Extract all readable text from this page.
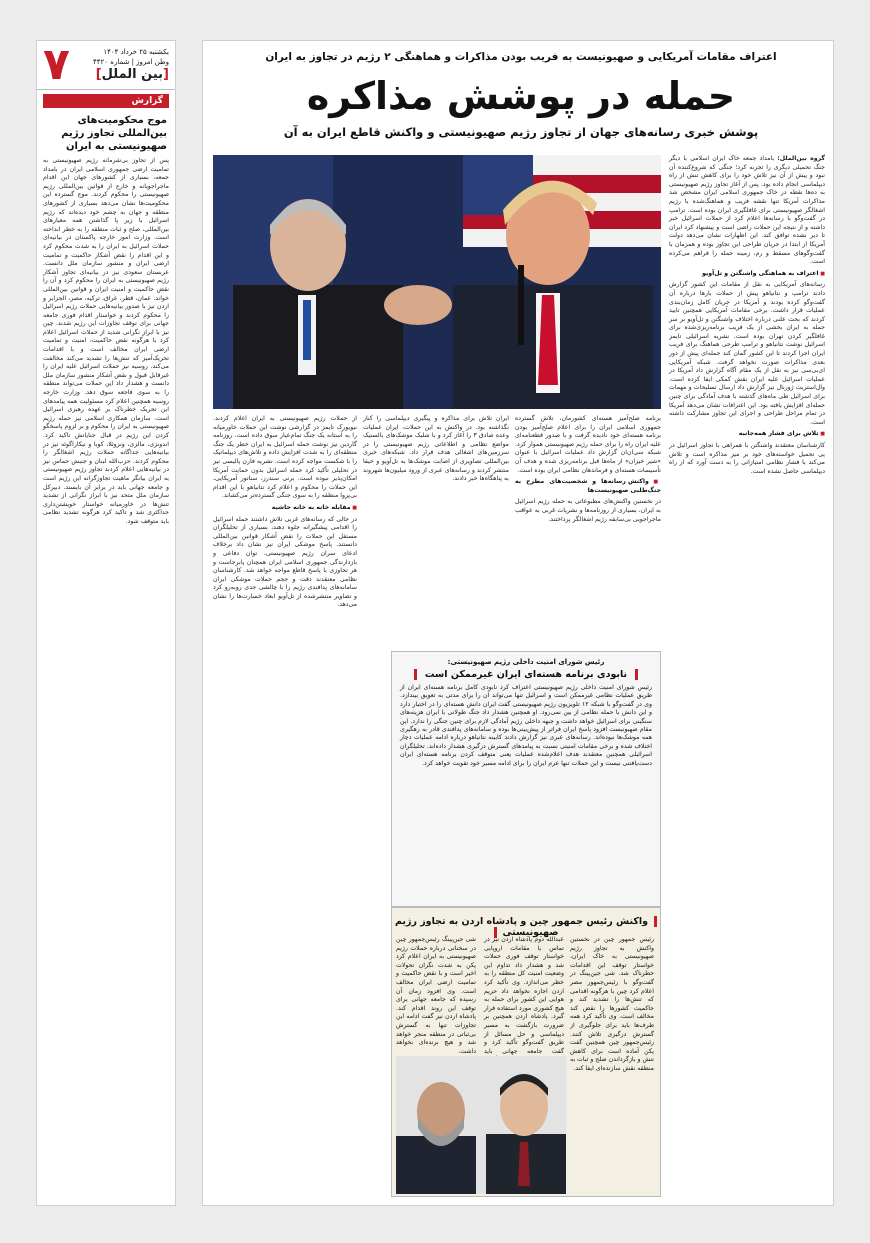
۷	یکشنبه ۲۵ خرداد ۱۴۰۴
وطن امروز | شماره ۴۴۲۰
[بین الملل]
گزارش
موج محکومیت‌های بین‌المللی تجاوز رژیم صهیونیستی به ایران
پس از تجاوز بی‌شرمانه رژیم صهیونیستی به تمامیت ارضی جمهوری اسلامی ایران در بامداد جمعه، بسیاری از کشورهای جهان این اقدام ماجراجویانه و خارج از قوانین بین‌المللی رژیم صهیونیستی را محکوم کردند. موج گسترده این محکومیت‌ها نشان می‌دهد بسیاری از کشورهای منطقه و جهان به چشم خود دیده‌اند که رژیم اسرائیل با زیر پا گذاشتن همه معیارهای بین‌المللی، صلح و ثبات منطقه را به خطر انداخته است. وزارت امور خارجه پاکستان در بیانیه‌ای حملات اسرائیل به ایران را به شدت محکوم کرد و این اقدام را نقض آشکار حاکمیت و تمامیت ارضی ایران و منشور سازمان ملل دانست. عربستان سعودی نیز در بیانیه‌ای تجاوز آشکار رژیم صهیونیستی به ایران را محکوم کرد و آن را نقض حاکمیت و امنیت ایران و قوانین بین‌المللی خواند. عمان، قطر، عراق، ترکیه، مصر، الجزایر و اردن نیز با صدور بیانیه‌هایی حملات رژیم اسرائیل را محکوم کردند و خواستار اقدام فوری جامعه جهانی برای توقف تجاوزات این رژیم شدند. چین نیز با ابراز نگرانی شدید از حملات اسرائیل اعلام کرد با هرگونه نقض حاکمیت، امنیت و تمامیت ارضی ایران مخالف است و با اقدامات تحریک‌آمیز که تنش‌ها را تشدید می‌کند مخالفت می‌کند. روسیه نیز حملات اسرائیل علیه ایران را غیرقابل قبول و نقض آشکار منشور سازمان ملل دانست و هشدار داد این حملات می‌تواند منطقه را به سوی فاجعه سوق دهد. وزارت خارجه روسیه همچنین اعلام کرد مسئولیت همه پیامدهای این تحریک خطرناک بر عهده رهبری اسرائیل است. سازمان همکاری اسلامی نیز حمله رژیم صهیونیستی به ایران را محکوم و بر لزوم پاسخگو کردن این رژیم در قبال جنایاتش تاکید کرد. اندونزی، مالزی، ونزوئلا، کوبا و نیکاراگوئه نیز در بیانیه‌هایی جداگانه حملات رژیم اشغالگر را محکوم کردند. حزب‌الله لبنان و جنبش حماس نیز در بیانیه‌هایی اعلام کردند تجاوز رژیم صهیونیستی به ایران بیانگر ماهیت تجاوزگرانه این رژیم است و جامعه جهانی باید در برابر آن بایستد. دبیرکل سازمان ملل متحد نیز با ابراز نگرانی از تشدید تنش‌ها در خاورمیانه خواستار خویشتن‌داری حداکثری شد و تاکید کرد هرگونه تشدید نظامی باید متوقف شود.
اعتراف مقامات آمریکایی و صهیونیست به فریب بودن مذاکرات و هماهنگی ۲ رژیم در تجاوز به ایران
حمله در پوشش مذاکره
پوشش خبری رسانه‌های جهان از تجاوز رژیم صهیونیستی و واکنش قاطع ایران به آن
گروه بین‌الملل: بامداد جمعه خاک ایران اسلامی با دیگر جنگ تحمیلی دیگری را تجربه کرد؛ جنگی که شروع‌کننده آن نبود و پیش از آن نیز تلاش خود را برای کاهش تنش از راه دیپلماسی انجام داده بود. پس از آغاز تجاوز رژیم صهیونیستی به ده‌ها نقطه در خاک جمهوری اسلامی ایران مشخص شد مذاکرات آمریکا تنها نقشه فریب و هماهنگ‌شده با رژیم اشغالگر صهیونیستی برای غافلگیری ایران بوده است. ترامپ در گفت‌وگو با رسانه‌ها اعلام کرد از حملات اسرائیل خبر داشته و از نتیجه این حملات راضی است و پیشنهاد کرد ایران تا دیر نشده توافق کند. این اظهارات نشان می‌دهد دولت آمریکا از ابتدا در جریان طراحی این تجاوز بوده و همزمان با گفت‌وگوهای مسقط و رم، زمینه حمله را فراهم می‌کرده است.
■ اعتراف به هماهنگی واشنگتن و تل‌آویو
رسانه‌های آمریکایی به نقل از مقامات این کشور گزارش دادند ترامپ و نتانیاهو پیش از حملات بارها درباره آن گفت‌وگو کرده بودند و آمریکا در جریان کامل زمان‌بندی عملیات قرار داشت. برخی مقامات آمریکایی همچنین تایید کردند که بحث علنی درباره اختلاف واشنگتن و تل‌آویو بر سر حمله به ایران بخشی از یک فریب برنامه‌ریزی‌شده برای غافلگیر کردن تهران بوده است. نشریه اسرائیلی تایمز اسرائیل نوشت نتانیاهو و ترامپ طرحی هماهنگ برای فریب ایران اجرا کردند تا این کشور گمان کند حمله‌ای پیش از دور بعدی مذاکرات صورت نخواهد گرفت. شبکه آمریکایی ای‌بی‌سی نیز به نقل از یک مقام آگاه گزارش داد آمریکا در عملیات اسرائیل علیه ایران نقش کمکی ایفا کرده است. وال‌استریت ژورنال نیز گزارش داد ارسال تسلیحات و مهمات برای اسرائیل طی ماه‌های گذشته با هدف آمادگی برای چنین حمله‌ای افزایش یافته بود. این اعترافات نشان می‌دهد آمریکا در تمام مراحل طراحی و اجرای این تجاوز مشارکت داشته است.
■ تلاش برای فشار همه‌جانبه
کارشناسان معتقدند واشنگتن با همراهی با تجاوز اسرائیل در پی تحمیل خواسته‌های خود بر میز مذاکره است و تلاش می‌کند با فشار نظامی امتیازاتی را به دست آورد که از راه دیپلماسی حاصل نشده است.
برنامه صلح‌آمیز هسته‌ای کشورمان، تلاش گسترده جمهوری اسلامی ایران را برای اعلام صلح‌آمیز بودن برنامه هسته‌ای خود نادیده گرفت و با صدور قطعنامه‌ای علیه ایران راه را برای حمله رژیم صهیونیستی هموار کرد. شبکه سی‌ان‌ان گزارش داد عملیات اسرائیل با عنوان «شیر خیزان» از ماه‌ها قبل برنامه‌ریزی شده و هدف آن تأسیسات هسته‌ای و فرماندهان نظامی ایران بوده است.
■ واکنش رسانه‌ها و شخصیت‌های مطرح به جنگ‌طلبی صهیونیست‌ها
در نخستین واکنش‌های مطبوعاتی به حمله رژیم اسرائیل به ایران، بسیاری از روزنامه‌ها و نشریات غربی به عواقب ماجراجویی بی‌سابقه رژیم اشغالگر پرداختند.
ایران تلاش برای مذاکره و پیگیری دیپلماسی را کنار نگذاشته بود. در واکنش به این حملات، ایران عملیات وعده صادق ۳ را آغاز کرد و با شلیک موشک‌های بالستیک مواضع نظامی و اطلاعاتی رژیم صهیونیستی را در سرزمین‌های اشغالی هدف قرار داد. شبکه‌های خبری بین‌المللی تصاویری از اصابت موشک‌ها به تل‌آویو و حیفا منتشر کردند و رسانه‌های عبری از ورود میلیون‌ها شهروند به پناهگاه‌ها خبر دادند.
از حملات رژیم صهیونیستی به ایران اعلام کردند. نیویورک تایمز در گزارشی نوشت این حملات خاورمیانه را به آستانه یک جنگ تمام‌عیار سوق داده است. روزنامه گاردین نیز نوشت حمله اسرائیل به ایران خطر یک جنگ منطقه‌ای را به شدت افزایش داده و تلاش‌های دیپلماتیک را با شکست مواجه کرده است. نشریه فارن پالیسی نیز در تحلیلی تأکید کرد حمله اسرائیل بدون حمایت آمریکا امکان‌پذیر نبوده است. برنی سندرز، سناتور آمریکایی، این حملات را محکوم و اعلام کرد نتانیاهو با این اقدام بی‌پروا منطقه را به سوی جنگی گسترده‌تر می‌کشاند.
■ مقابله خانه به خانه حاشیه
در حالی که رسانه‌های غربی تلاش داشتند حمله اسرائیل را اقدامی پیشگیرانه جلوه دهند، بسیاری از تحلیلگران مستقل این حملات را نقض آشکار قوانین بین‌المللی دانستند. پاسخ موشکی ایران نیز نشان داد برخلاف ادعای سران رژیم صهیونیستی، توان دفاعی و بازدارندگی جمهوری اسلامی ایران همچنان پابرجاست و هر تجاوزی با پاسخ قاطع مواجه خواهد شد. کارشناسان نظامی معتقدند دقت و حجم حملات موشکی ایران سامانه‌های پدافندی رژیم را با چالشی جدی روبه‌رو کرد و تصاویر منتشرشده از تل‌آویو ابعاد خسارت‌ها را نشان می‌دهد.
رئیس شورای امنیت داخلی رژیم صهیونیستی:
نابودی برنامه هسته‌ای ایران غیرممکن است
رئیس شورای امنیت داخلی رژیم صهیونیستی اعتراف کرد نابودی کامل برنامه هسته‌ای ایران از طریق عملیات نظامی غیرممکن است و اسرائیل تنها می‌تواند آن را برای مدتی به تعویق بیندازد. وی در گفت‌وگو با شبکه ۱۲ تلویزیون رژیم صهیونیستی گفت ایران دانش هسته‌ای را در اختیار دارد و این دانش با حمله نظامی از بین نمی‌رود. او همچنین هشدار داد جنگ طولانی با ایران هزینه‌های سنگینی برای اسرائیل خواهد داشت و جبهه داخلی رژیم آمادگی لازم برای چنین جنگی را ندارد. این مقام صهیونیست افزود پاسخ ایران فراتر از پیش‌بینی‌ها بوده و سامانه‌های پدافندی قادر به رهگیری همه موشک‌ها نبوده‌اند. رسانه‌های عبری نیز گزارش دادند کابینه نتانیاهو درباره ادامه عملیات دچار اختلاف شده و برخی مقامات امنیتی نسبت به پیامدهای گسترش درگیری هشدار داده‌اند. تحلیلگران اسرائیلی همچنین معتقدند هدف اعلام‌شده عملیات یعنی متوقف کردن برنامه هسته‌ای ایران دست‌یافتنی نیست و این حملات تنها عزم ایران را برای ادامه مسیر خود تقویت خواهد کرد.
واکنش رئیس جمهور چین و پادشاه اردن به تجاوز رژیم صهیونیستی
رئیس جمهور چین در نخستین واکنش به تجاوز رژیم صهیونیستی به خاک ایران، خواستار توقف این اقدامات خطرناک شد. شی جین‌پینگ در گفت‌وگو با رئیس‌جمهور مصر اعلام کرد چین با هرگونه اقدامی که تنش‌ها را تشدید کند و حاکمیت کشورها را نقض کند مخالف است. وی تأکید کرد همه طرف‌ها باید برای جلوگیری از گسترش درگیری تلاش کنند. رئیس‌جمهور چین همچنین گفت پکن آماده است برای کاهش تنش و بازگرداندن صلح و ثبات به منطقه نقش سازنده‌ای ایفا کند.
عبدالله دوم پادشاه اردن نیز در تماس با مقامات اروپایی خواستار توقف فوری حملات شد و هشدار داد تداوم این وضعیت امنیت کل منطقه را به خطر می‌اندازد. وی تأکید کرد اردن اجازه نخواهد داد حریم هوایی این کشور برای حمله به هیچ کشوری مورد استفاده قرار گیرد. پادشاه اردن همچنین بر ضرورت بازگشت به مسیر دیپلماسی و حل مسائل از طریق گفت‌وگو تأکید کرد و گفت جامعه جهانی باید
شی جین‌پینگ رئیس‌جمهور چین در سخنانی درباره حملات رژیم صهیونیستی به ایران اعلام کرد پکن به شدت نگران تحولات اخیر است و با نقض حاکمیت و تمامیت ارضی ایران مخالف است. وی افزود زمان آن رسیده که جامعه جهانی برای توقف این روند اقدام کند. پادشاه اردن نیز گفت ادامه این تجاوزات تنها به گسترش بی‌ثباتی در منطقه منجر خواهد شد و هیچ برنده‌ای نخواهد داشت.
